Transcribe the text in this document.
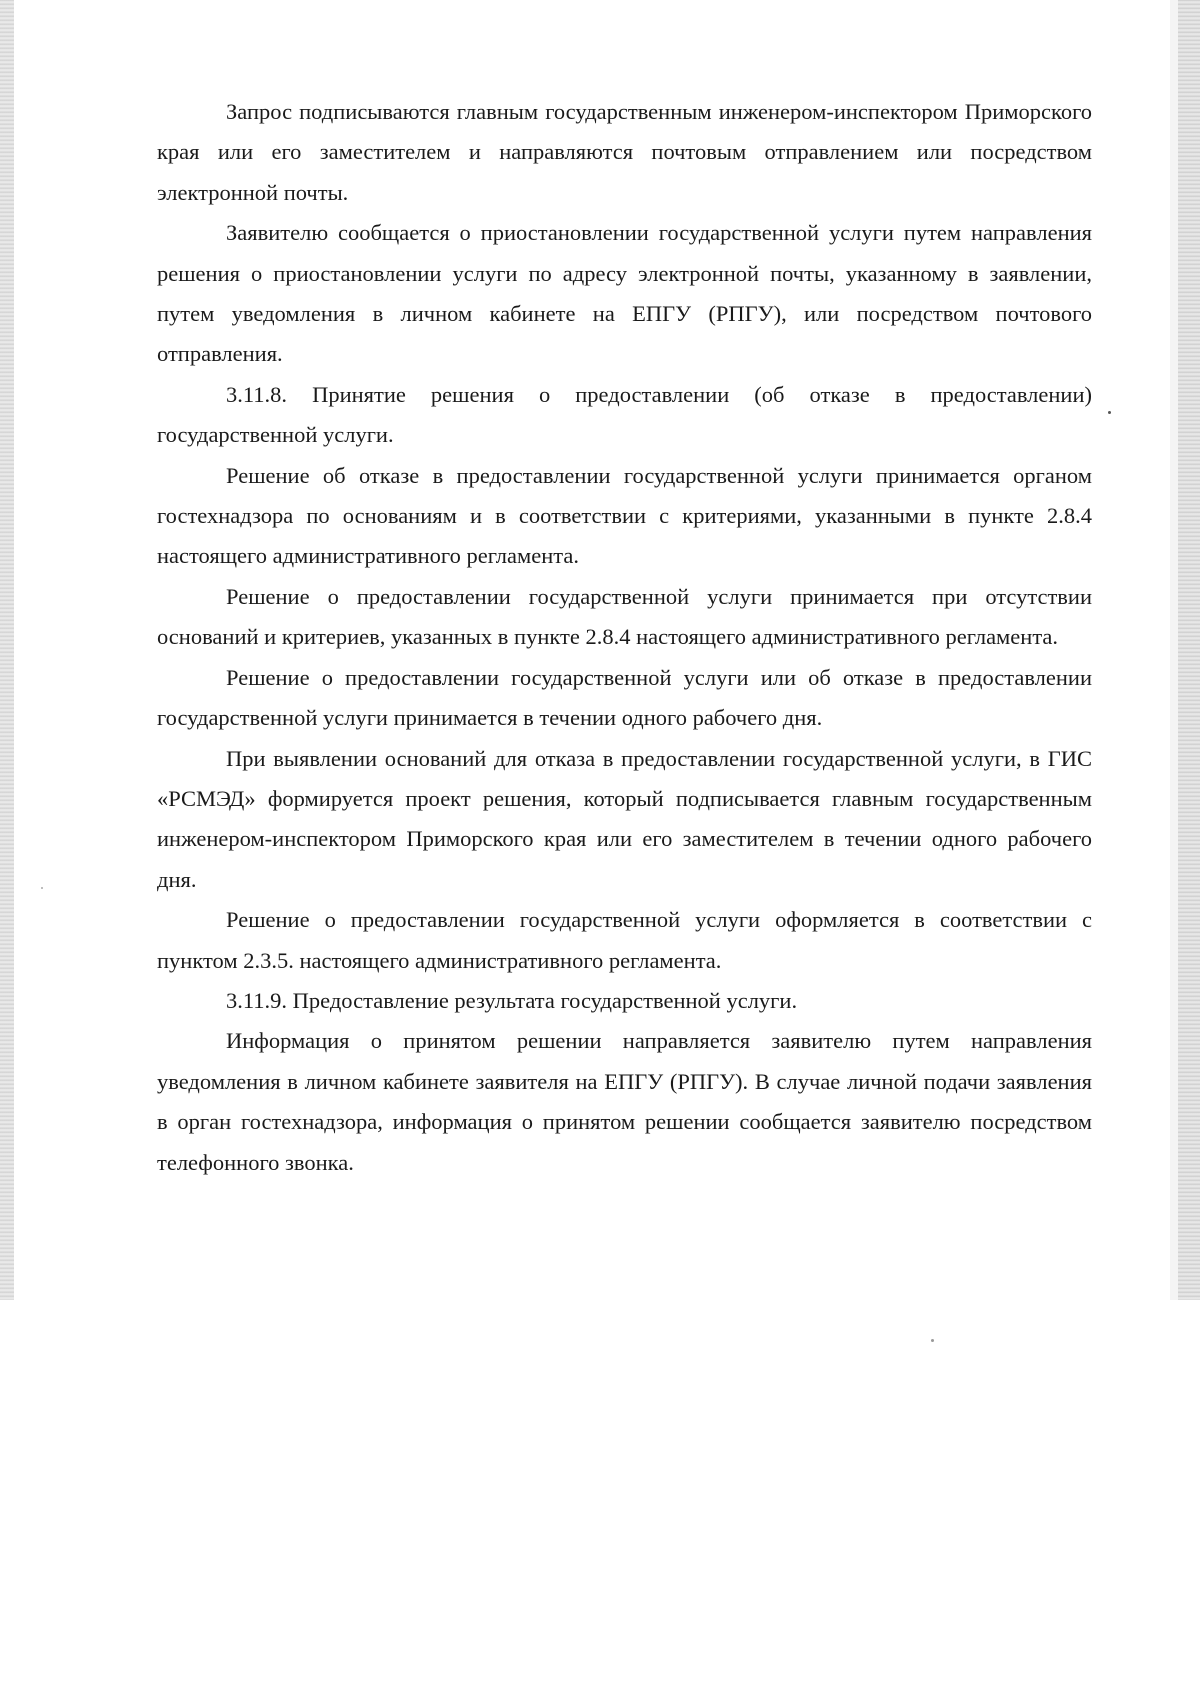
Запрос подписываются главным государственным инженером-инспектором Приморского края или его заместителем и направляются почтовым отправлением или посредством электронной почты.

Заявителю сообщается о приостановлении государственной услуги путем направления решения о приостановлении услуги по адресу электронной почты, указанному в заявлении, путем уведомления в личном кабинете на ЕПГУ (РПГУ), или посредством почтового отправления.

3.11.8. Принятие решения о предоставлении (об отказе в предоставлении) государственной услуги.

Решение об отказе в предоставлении государственной услуги принимается органом гостехнадзора по основаниям и в соответствии с критериями, указанными в пункте 2.8.4 настоящего административного регламента.

Решение о предоставлении государственной услуги принимается при отсутствии оснований и критериев, указанных в пункте 2.8.4 настоящего административного регламента.

Решение о предоставлении государственной услуги или об отказе в предоставлении государственной услуги принимается в течении одного рабочего дня.

При выявлении оснований для отказа в предоставлении государственной услуги, в ГИС «РСМЭД» формируется проект решения, который подписывается главным государственным инженером-инспектором Приморского края или его заместителем в течении одного рабочего дня.

Решение о предоставлении государственной услуги оформляется в соответствии с пунктом 2.3.5. настоящего административного регламента.

3.11.9. Предоставление результата государственной услуги.

Информация о принятом решении направляется заявителю путем направления уведомления в личном кабинете заявителя на ЕПГУ (РПГУ). В случае личной подачи заявления в орган гостехнадзора, информация о принятом решении сообщается заявителю посредством телефонного звонка.
